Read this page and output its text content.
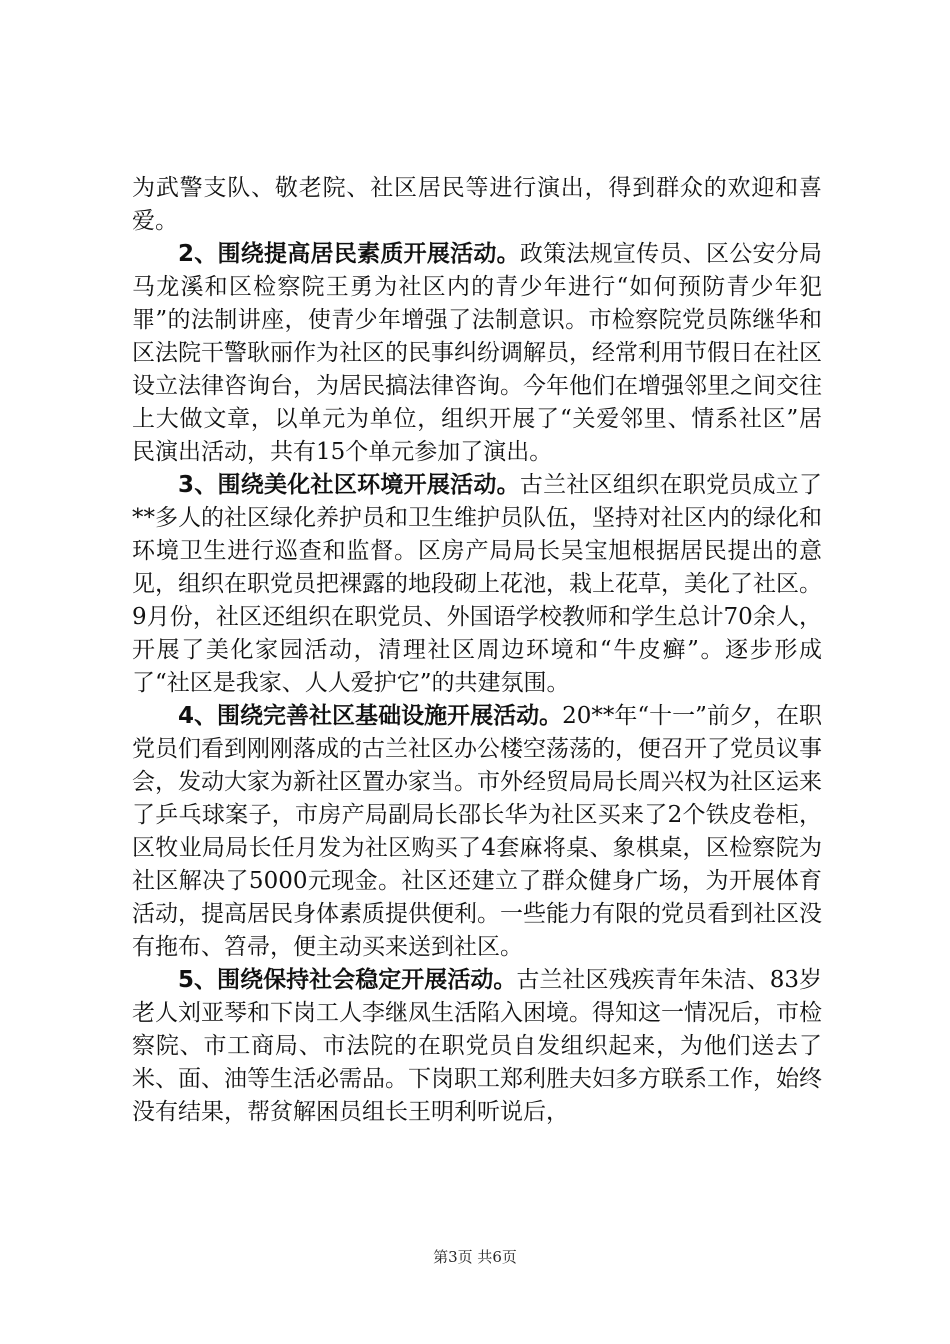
为武警支队、敬老院、社区居民等进行演出，得到群众的欢迎和喜爱。

2、围绕提高居民素质开展活动。政策法规宣传员、区公安分局马龙溪和区检察院王勇为社区内的青少年进行“如何预防青少年犯罪”的法制讲座，使青少年增强了法制意识。市检察院党员陈继华和区法院干警耿丽作为社区的民事纠纷调解员，经常利用节假日在社区设立法律咨询台，为居民搞法律咨询。今年他们在增强邻里之间交往上大做文章，以单元为单位，组织开展了“关爱邻里、情系社区”居民演出活动，共有15个单元参加了演出。

3、围绕美化社区环境开展活动。古兰社区组织在职党员成立了**多人的社区绿化养护员和卫生维护员队伍，坚持对社区内的绿化和环境卫生进行巡查和监督。区房产局局长吴宝旭根据居民提出的意见，组织在职党员把裸露的地段砌上花池，栽上花草，美化了社区。9月份，社区还组织在职党员、外国语学校教师和学生总计70余人，开展了美化家园活动，清理社区周边环境和“牛皮癣”。逐步形成了“社区是我家、人人爱护它”的共建氛围。

4、围绕完善社区基础设施开展活动。20**年“十一”前夕，在职党员们看到刚刚落成的古兰社区办公楼空荡荡的，便召开了党员议事会，发动大家为新社区置办家当。市外经贸局局长周兴权为社区运来了乒乓球案子，市房产局副局长邵长华为社区买来了2个铁皮卷柜，区牧业局局长任月发为社区购买了4套麻将桌、象棋桌，区检察院为社区解决了5000元现金。社区还建立了群众健身广场，为开展体育活动，提高居民身体素质提供便利。一些能力有限的党员看到社区没有拖布、笤帚，便主动买来送到社区。

5、围绕保持社会稳定开展活动。古兰社区残疾青年朱洁、83岁老人刘亚琴和下岗工人李继凤生活陷入困境。得知这一情况后，市检察院、市工商局、市法院的在职党员自发组织起来，为他们送去了米、面、油等生活必需品。下岗职工郑利胜夫妇多方联系工作，始终没有结果，帮贫解困员组长王明利听说后，

第3页 共6页
